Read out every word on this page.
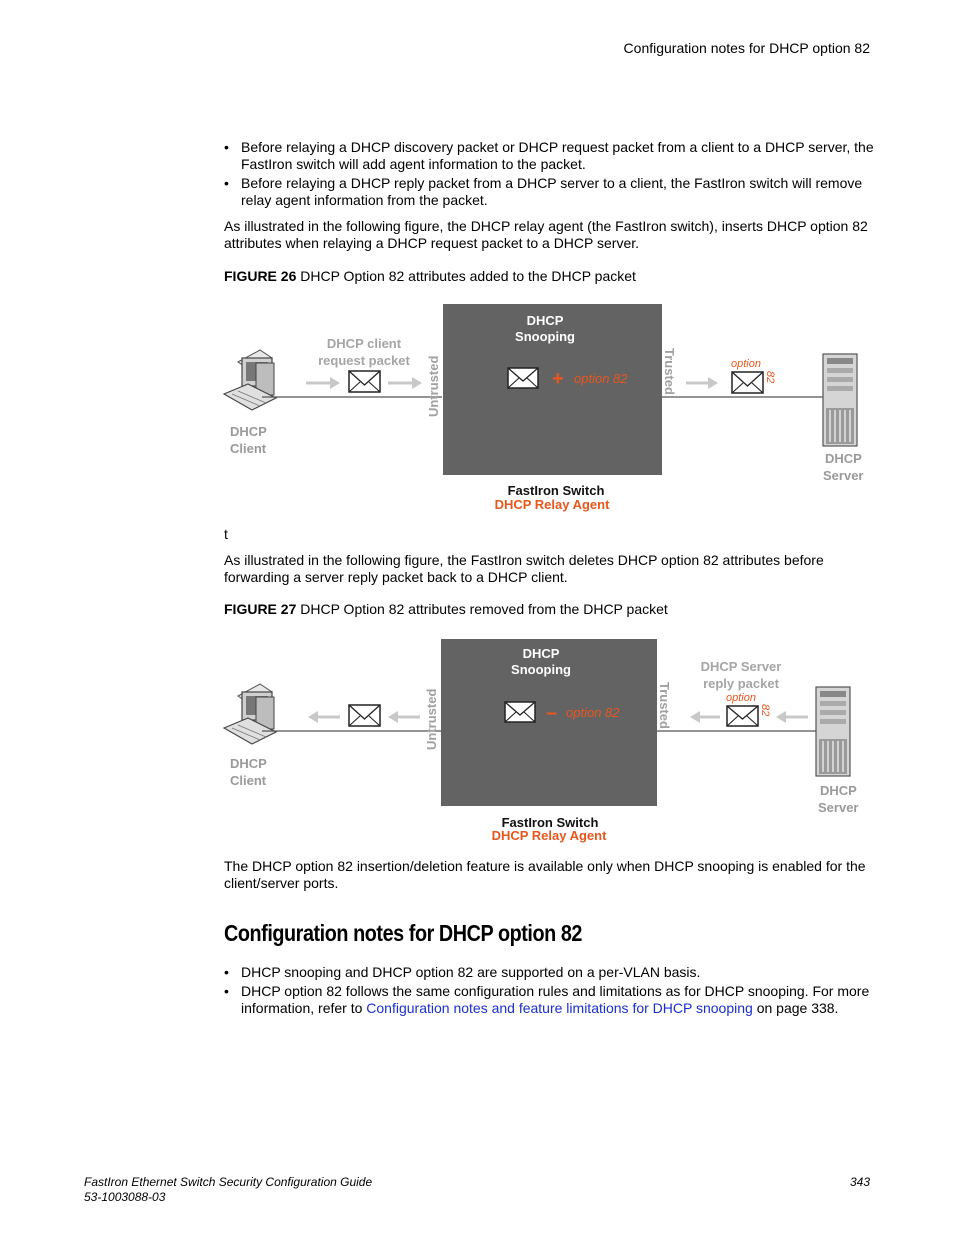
Configuration notes for DHCP option 82
• Before relaying a DHCP discovery packet or DHCP request packet from a client to a DHCP server, the FastIron switch will add agent information to the packet.
• Before relaying a DHCP reply packet from a DHCP server to a client, the FastIron switch will remove relay agent information from the packet.
As illustrated in the following figure, the DHCP relay agent (the FastIron switch), inserts DHCP option 82 attributes when relaying a DHCP request packet to a DHCP server.
FIGURE 26 DHCP Option 82 attributes added to the DHCP packet
DHCP
Client
DHCP client
request packet
DHCP
Snooping
Untrusted	Trusted
+ option 82
option
82
DHCP
Server
FastIron Switch
DHCP Relay Agent
t
As illustrated in the following figure, the FastIron switch deletes DHCP option 82 attributes before forwarding a server reply packet back to a DHCP client.
FIGURE 27 DHCP Option 82 attributes removed from the DHCP packet
DHCP
Client
DHCP
Snooping
Untrusted	Trusted
– option 82
DHCP Server
reply packet
option
82
DHCP
Server
FastIron Switch
DHCP Relay Agent
The DHCP option 82 insertion/deletion feature is available only when DHCP snooping is enabled for the client/server ports.
Configuration notes for DHCP option 82
• DHCP snooping and DHCP option 82 are supported on a per-VLAN basis.
• DHCP option 82 follows the same configuration rules and limitations as for DHCP snooping. For more information, refer to Configuration notes and feature limitations for DHCP snooping on page 338.
FastIron Ethernet Switch Security Configuration Guide
53-1003088-03
343
